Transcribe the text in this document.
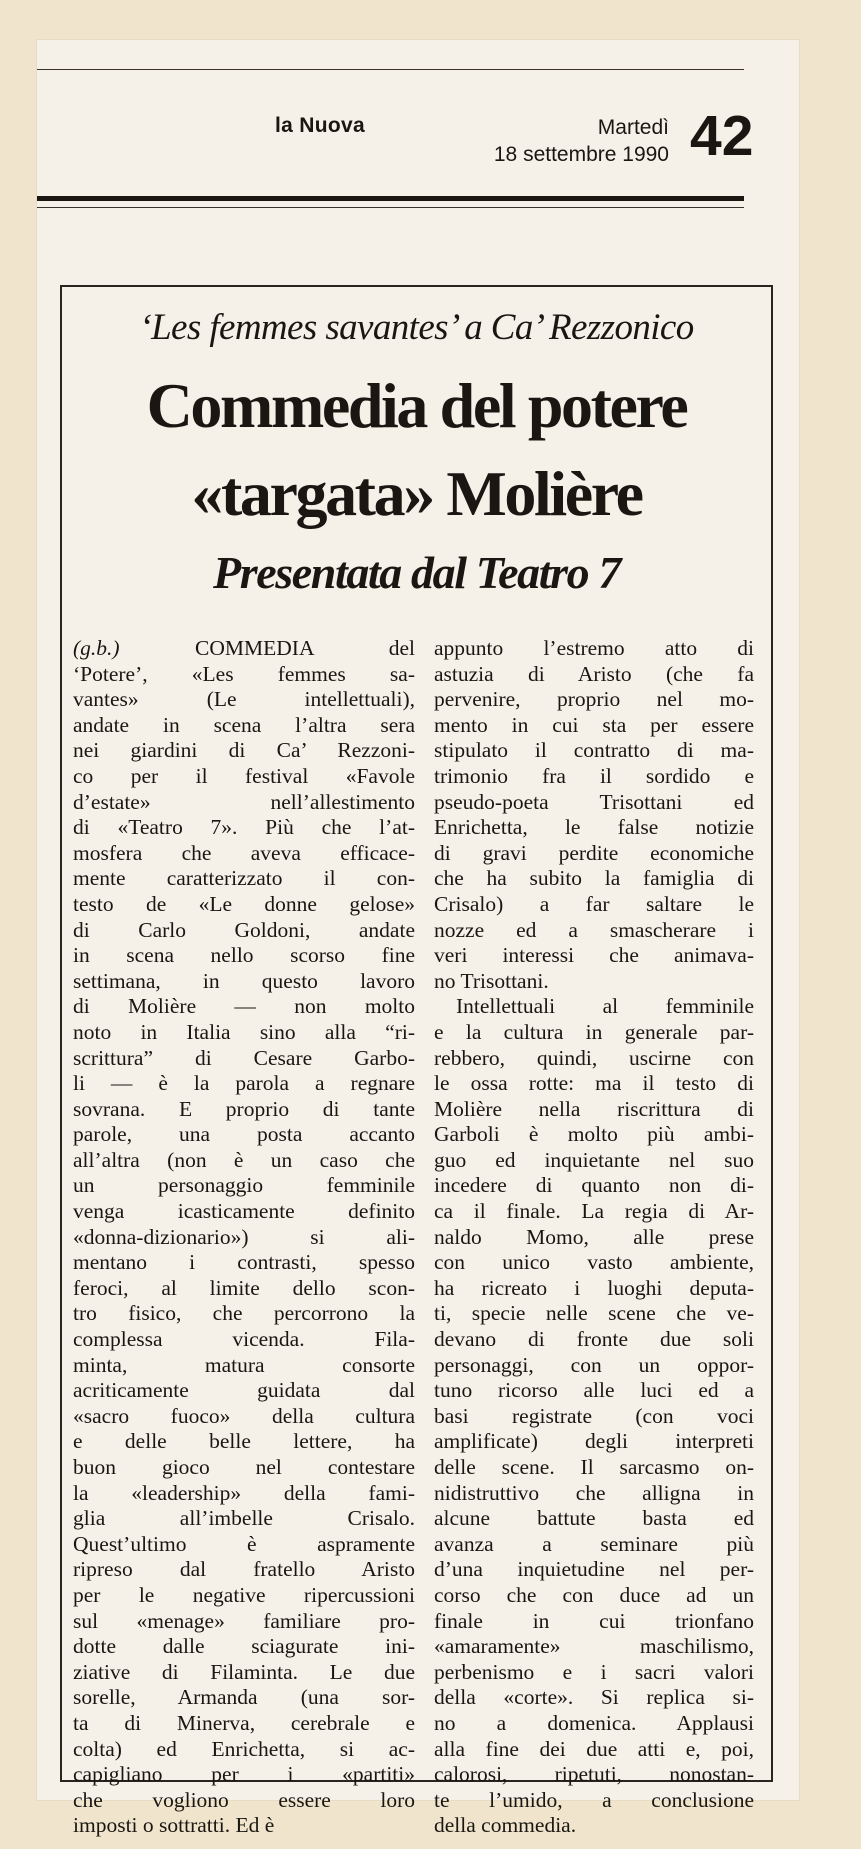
la Nuova	Martedì
18 settembre 1990 42
‘Les femmes savantes’ a Ca’ Rezzonico
Commedia del potere
«targata» Molière
Presentata dal Teatro 7
(g.b.) COMMEDIA del
‘Potere’, «Les femmes sa-
vantes» (Le intellettuali),
andate in scena l’altra sera
nei giardini di Ca’ Rezzoni-
co per il festival «Favole
d’estate» nell’allestimento
di «Teatro 7». Più che l’at-
mosfera che aveva efficace-
mente caratterizzato il con-
testo de «Le donne gelose»
di Carlo Goldoni, andate
in scena nello scorso fine
settimana, in questo lavoro
di Molière — non molto
noto in Italia sino alla “ri-
scrittura” di Cesare Garbo-
li — è la parola a regnare
sovrana. E proprio di tante
parole, una posta accanto
all’altra (non è un caso che
un personaggio femminile
venga icasticamente definito
«donna-dizionario») si ali-
mentano i contrasti, spesso
feroci, al limite dello scon-
tro fisico, che percorrono la
complessa vicenda. Fila-
minta, matura consorte
acriticamente guidata dal
«sacro fuoco» della cultura
e delle belle lettere, ha
buon gioco nel contestare
la «leadership» della fami-
glia all’imbelle Crisalo.
Quest’ultimo è aspramente
ripreso dal fratello Aristo
per le negative ripercussioni
sul «menage» familiare pro-
dotte dalle sciagurate ini-
ziative di Filaminta. Le due
sorelle, Armanda (una sor-
ta di Minerva, cerebrale e
colta) ed Enrichetta, si ac-
capigliano per i «partiti»
che vogliono essere loro
imposti o sottratti. Ed è
appunto l’estremo atto di
astuzia di Aristo (che fa
pervenire, proprio nel mo-
mento in cui sta per essere
stipulato il contratto di ma-
trimonio fra il sordido e
pseudo-poeta Trisottani ed
Enrichetta, le false notizie
di gravi perdite economiche
che ha subito la famiglia di
Crisalo) a far saltare le
nozze ed a smascherare i
veri interessi che animava-
no Trisottani.
Intellettuali al femminile
e la cultura in generale par-
rebbero, quindi, uscirne con
le ossa rotte: ma il testo di
Molière nella riscrittura di
Garboli è molto più ambi-
guo ed inquietante nel suo
incedere di quanto non di-
ca il finale. La regia di Ar-
naldo Momo, alle prese
con unico vasto ambiente,
ha ricreato i luoghi deputa-
ti, specie nelle scene che ve-
devano di fronte due soli
personaggi, con un oppor-
tuno ricorso alle luci ed a
basi registrate (con voci
amplificate) degli interpreti
delle scene. Il sarcasmo on-
nidistruttivo che alligna in
alcune battute basta ed
avanza a seminare più
d’una inquietudine nel per-
corso che con duce ad un
finale in cui trionfano
«amaramente» maschilismo,
perbenismo e i sacri valori
della «corte». Si replica si-
no a domenica. Applausi
alla fine dei due atti e, poi,
calorosi, ripetuti, nonostan-
te l’umido, a conclusione
della commedia.
